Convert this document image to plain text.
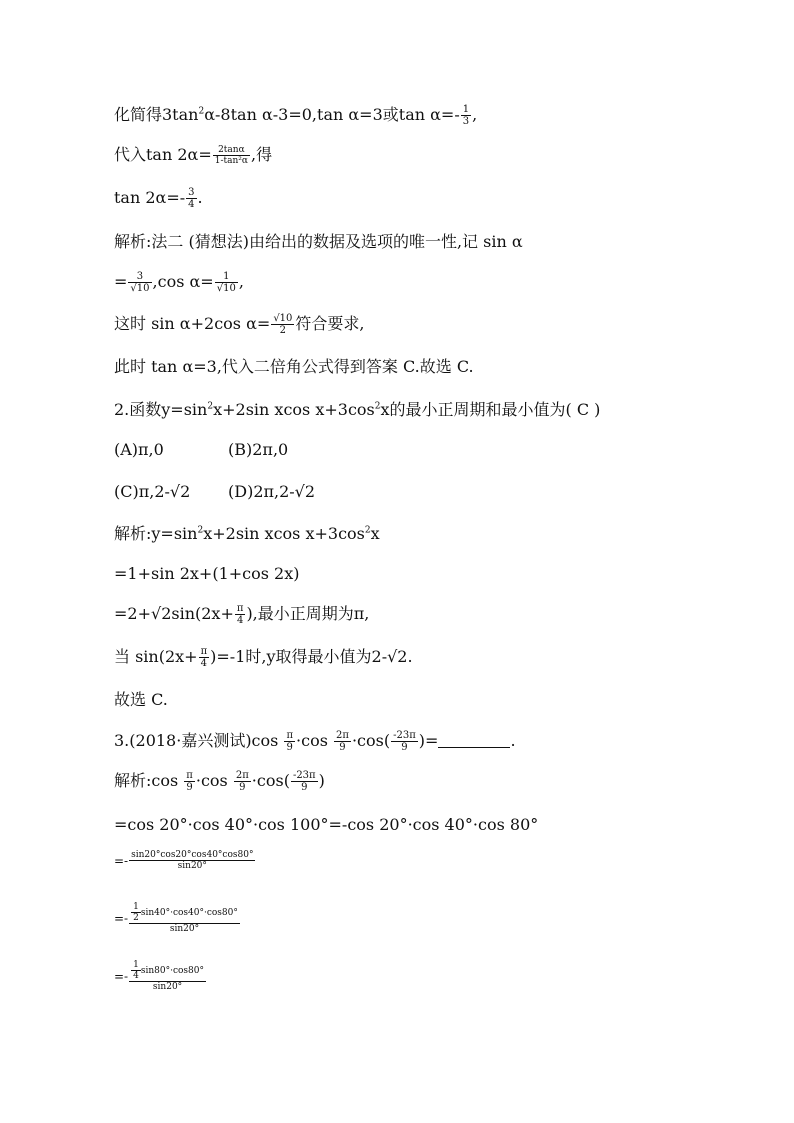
化简得$3\tan^2\alpha-8\tan$ α-3=0,tan α=3或$\tan \alpha=- \frac{1}{3}$ ,
代入$\tan 2\alpha= \frac{2\tan\alpha}{\text{1-tan²α}}$ ,得
$\tan 2\alpha=- \frac{3}{4}$ .
解析:法二 (猜想法)由给出的数据及选项的唯一性,记 sin α
= $\frac{3}{√10} ,\cos$ $\alpha= \frac{1}{√10}$ ,
这时 sin α+2cos $\alpha= \frac{√10}{2}$ 符合要求,
此时 tan α=3,代入二倍角公式得到答案 C.故选 C.
2.函数$y=\sin^2x+2\sin$ xcos $x+3\cos^2x$的最小正周期和最小值为( C )
(A)π,0	(B)2π,0
(C)π,2-√2 (D)2π,2-√2
解析$:y=\sin^2x+2\sin$ xcos $x+3\cos^2x$
=1+sin 2x+(1+cos 2x)
$=2+√2\sin(2x+ \frac{\pi}{4}$ ),最小正周期为π,
当 $\sin(2x+ \frac{\pi}{4} )=-1$时,y取得最小值为2-√2.
故选 C.
3.(2018·嘉兴测试)$\cos \frac{\pi}{9} \cdot\cos \frac{2\pi}{9} \cdot\cos( \frac{-23\pi}{9}$ )=	.
解析:cos $\frac{\pi}{9} \cdot\cos \frac{2\pi}{9} \cdot\cos( \frac{-23\pi}{9}$ )
=cos 20°·cos 40°·cos 100°=-cos 20°·cos 40°·cos 80°
=- $\frac{\sin 20^\circ\cos 20^\circ\cos 40^\circ\cos 80^\circ}{\sin 20^\circ}$
=- $\frac{\frac{1}{2} \sin 40^\circ\cdot\cos 40^\circ\cdot\cos 80^\circ}{\sin 20^\circ}$
=- $\frac{\frac{1}{4} \sin 80^\circ\cdot\cos 80^\circ}{\sin 20^\circ}$
